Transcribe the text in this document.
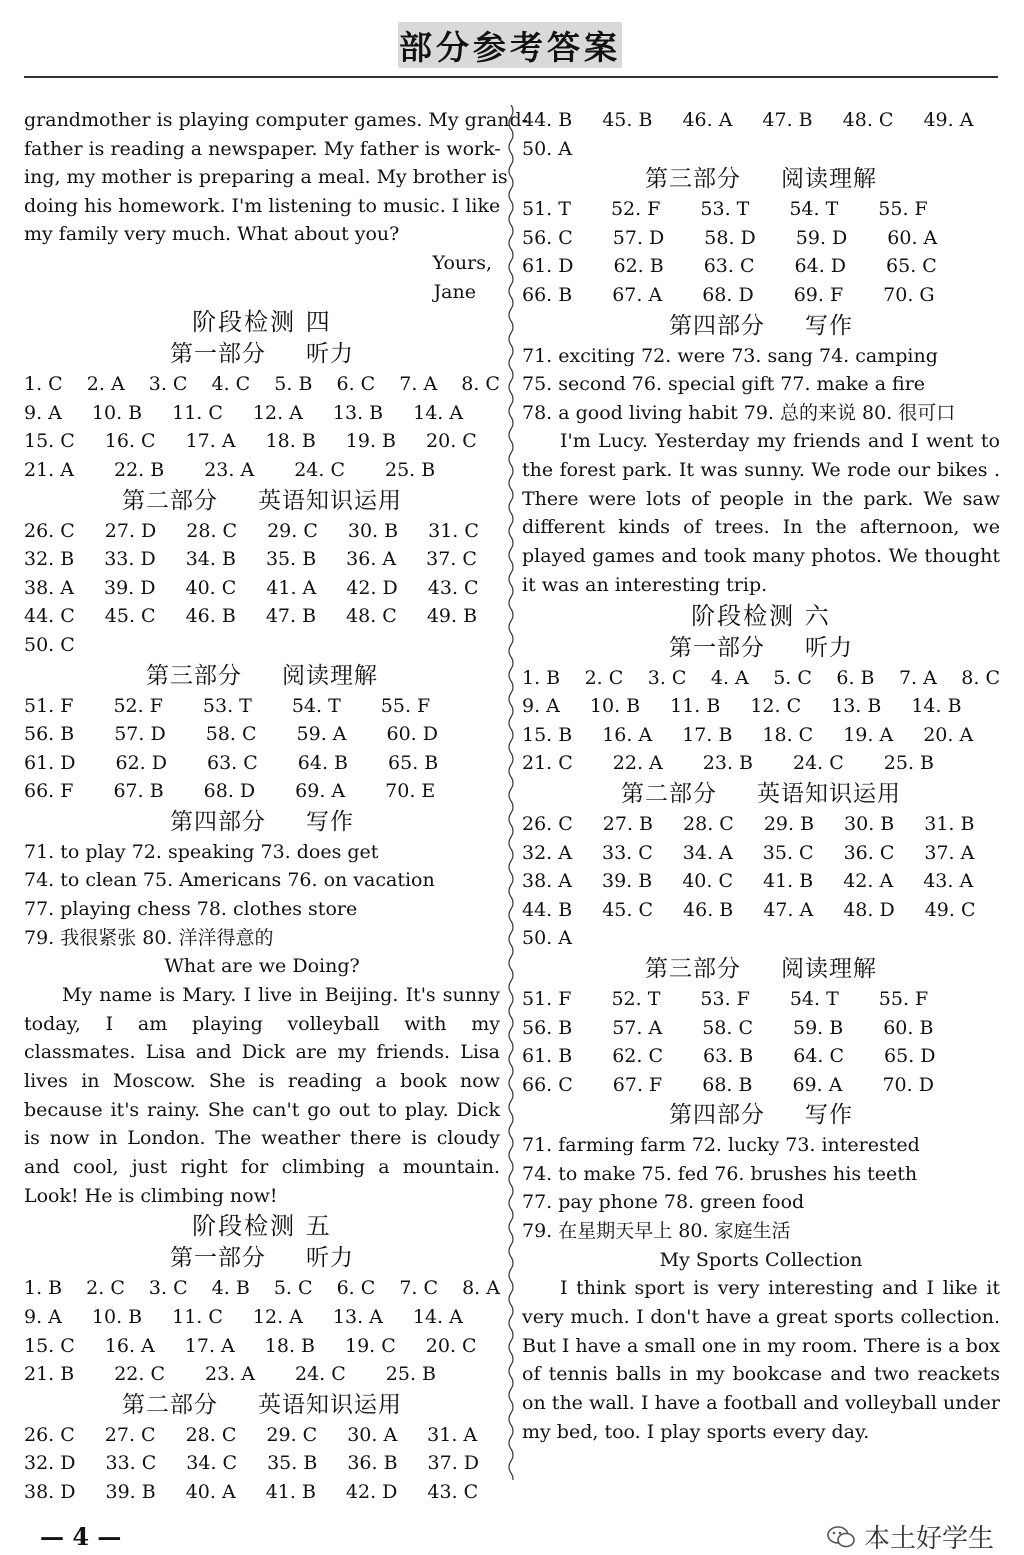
部分参考答案
grandmother is playing computer games. My grand-
father is reading a newspaper. My father is work-
ing, my mother is preparing a meal. My brother is
doing his homework. I'm listening to music. I like
my family very much. What about you?
Yours,
Jane
阶段检测 四
第一部分 听力
1. C 2. A 3. C 4. C 5. B 6. C 7. A 8. C
9. A 10. B 11. C 12. A 13. B 14. A
15. C 16. C 17. A 18. B 19. B 20. C
21. A 22. B 23. A 24. C 25. B
第二部分 英语知识运用
26. C 27. D 28. C 29. C 30. B 31. C
32. B 33. D 34. B 35. B 36. A 37. C
38. A 39. D 40. C 41. A 42. D 43. C
44. C 45. C 46. B 47. B 48. C 49. B
50. C
第三部分 阅读理解
51. F 52. F 53. T 54. T 55. F
56. B 57. D 58. C 59. A 60. D
61. D 62. D 63. C 64. B 65. B
66. F 67. B 68. D 69. A 70. E
第四部分 写作
71. to play 72. speaking 73. does get
74. to clean 75. Americans 76. on vacation
77. playing chess 78. clothes store
79. 我很紧张 80. 洋洋得意的
What are we Doing?
My name is Mary. I live in Beijing. It's sunny today, I am playing volleyball with my classmates. Lisa and Dick are my friends. Lisa lives in Moscow. She is reading a book now because it's rainy. She can't go out to play. Dick is now in London. The weather there is cloudy and cool, just right for climbing a mountain. Look! He is climbing now!
阶段检测 五
第一部分 听力
1. B 2. C 3. C 4. B 5. C 6. C 7. C 8. A
9. A 10. B 11. C 12. A 13. A 14. A
15. C 16. A 17. A 18. B 19. C 20. C
21. B 22. C 23. A 24. C 25. B
第二部分 英语知识运用
26. C 27. C 28. C 29. C 30. A 31. A
32. D 33. C 34. C 35. B 36. B 37. D
38. D 39. B 40. A 41. B 42. D 43. C
44. B 45. B 46. A 47. B 48. C 49. A
50. A
第三部分 阅读理解
51. T 52. F 53. T 54. T 55. F
56. C 57. D 58. D 59. D 60. A
61. D 62. B 63. C 64. D 65. C
66. B 67. A 68. D 69. F 70. G
第四部分 写作
71. exciting 72. were 73. sang 74. camping
75. second 76. special gift 77. make a fire
78. a good living habit 79. 总的来说 80. 很可口
I'm Lucy. Yesterday my friends and I went to the forest park. It was sunny. We rode our bikes . There were lots of people in the park. We saw different kinds of trees. In the afternoon, we played games and took many photos. We thought it was an interesting trip.
阶段检测 六
第一部分 听力
1. B 2. C 3. C 4. A 5. C 6. B 7. A 8. C
9. A 10. B 11. B 12. C 13. B 14. B
15. B 16. A 17. B 18. C 19. A 20. A
21. C 22. A 23. B 24. C 25. B
第二部分 英语知识运用
26. C 27. B 28. C 29. B 30. B 31. B
32. A 33. C 34. A 35. C 36. C 37. A
38. A 39. B 40. C 41. B 42. A 43. A
44. B 45. C 46. B 47. A 48. D 49. C
50. A
第三部分 阅读理解
51. F 52. T 53. F 54. T 55. F
56. B 57. A 58. C 59. B 60. B
61. B 62. C 63. B 64. C 65. D
66. C 67. F 68. B 69. A 70. D
第四部分 写作
71. farming farm 72. lucky 73. interested
74. to make 75. fed 76. brushes his teeth
77. pay phone 78. green food
79. 在星期天早上 80. 家庭生活
My Sports Collection
I think sport is very interesting and I like it very much. I don't have a great sports collection. But I have a small one in my room. There is a box of tennis balls in my bookcase and two reackets on the wall. I have a football and volleyball under my bed, too. I play sports every day.
— 4 —	本土好学生
